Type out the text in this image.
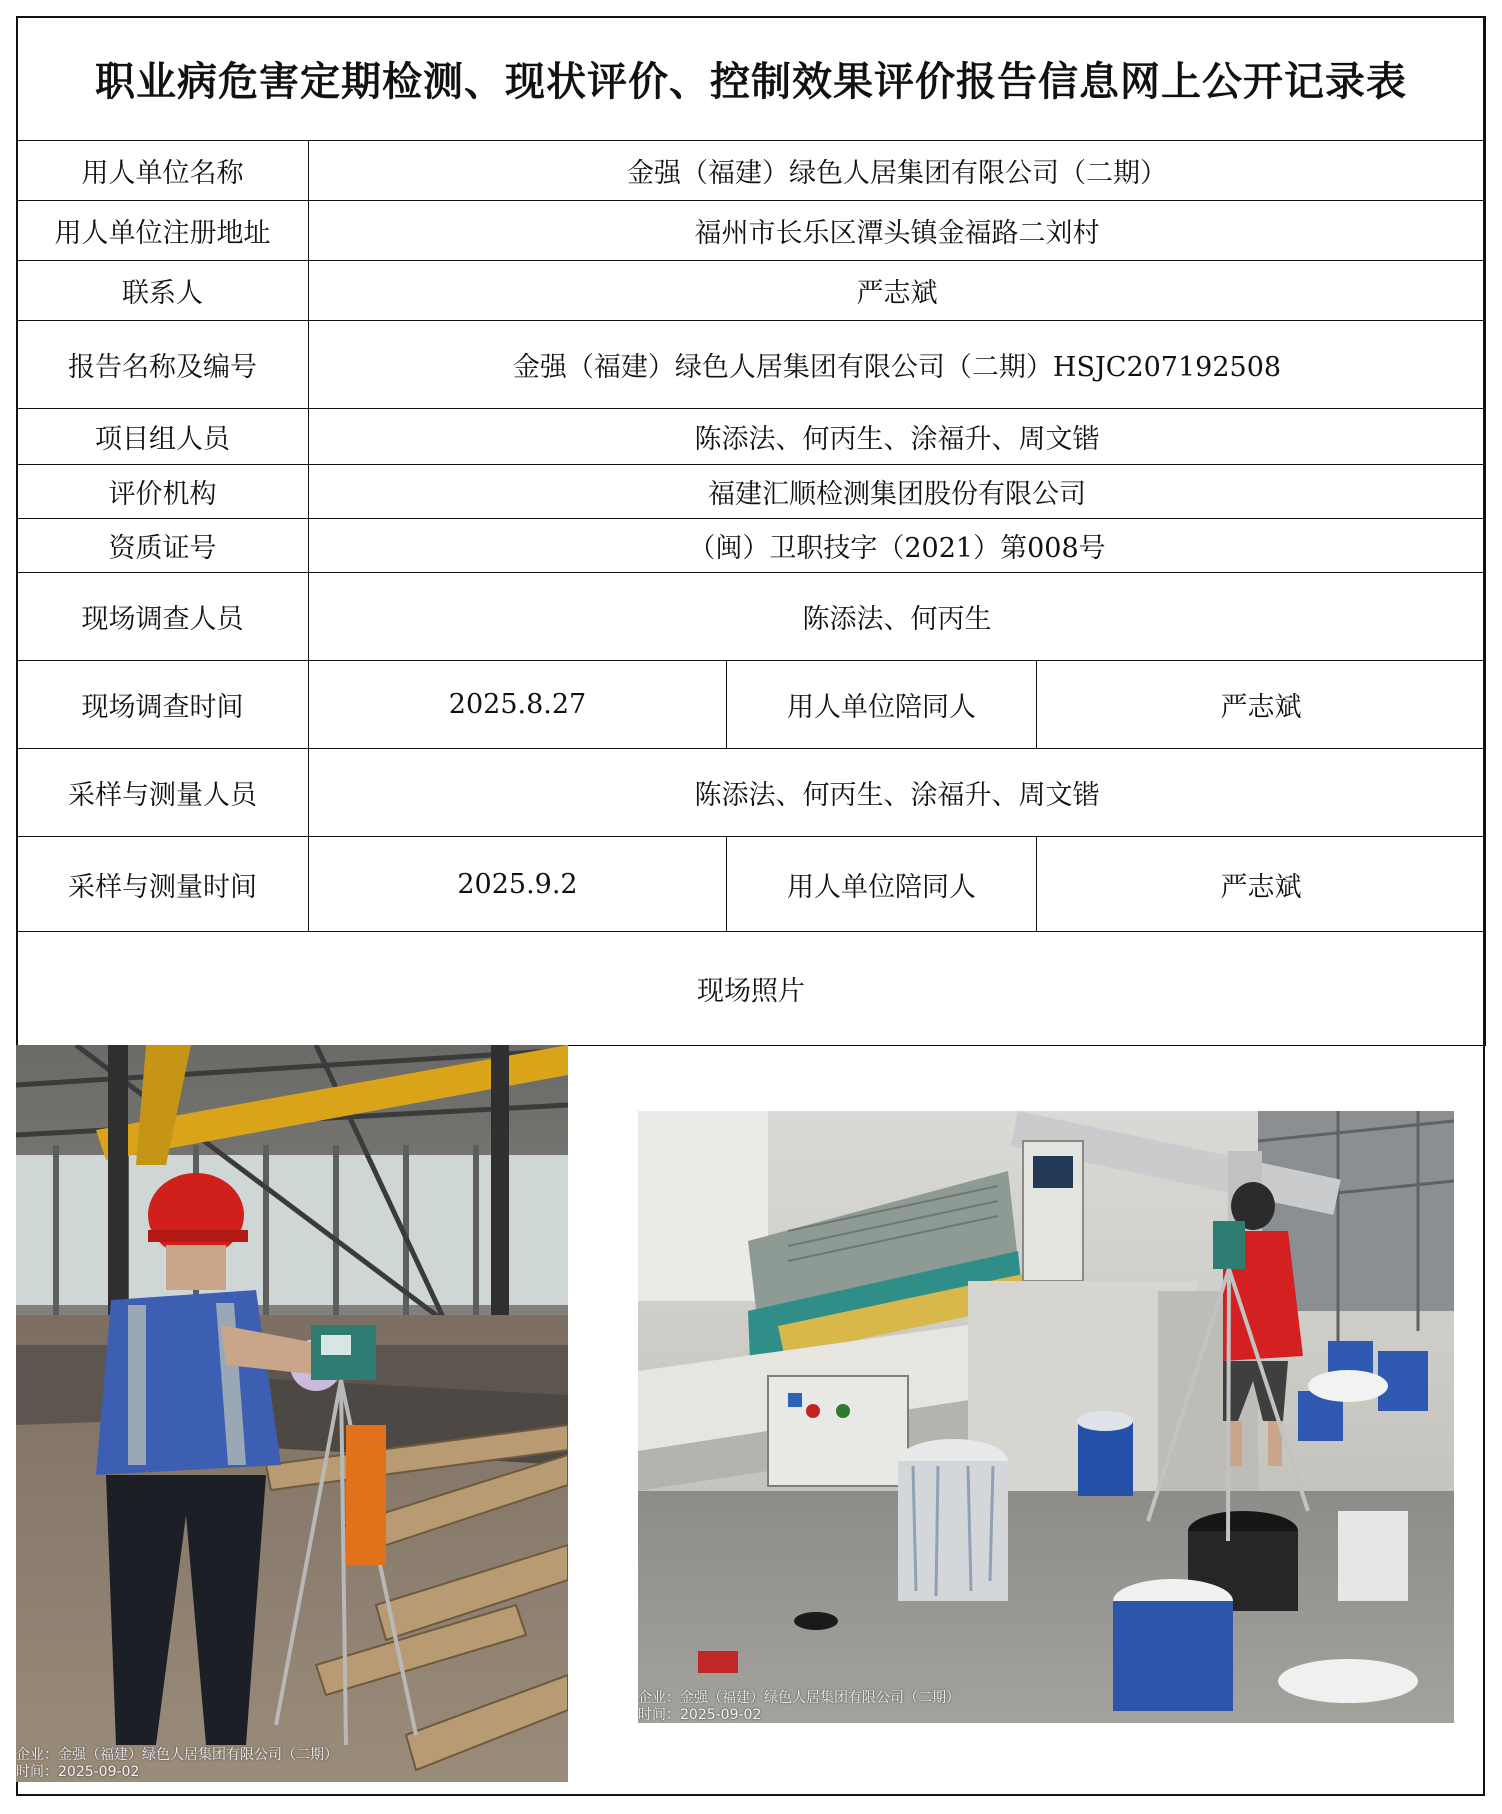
职业病危害定期检测、现状评价、控制效果评价报告信息网上公开记录表			
用人单位名称	金强（福建）绿色人居集团有限公司（二期）		
用人单位注册地址	福州市长乐区潭头镇金福路二刘村		
联系人	严志斌		
报告名称及编号	金强（福建）绿色人居集团有限公司（二期）HSJC207192508		
项目组人员	陈添法、何丙生、涂福升、周文锴		
评价机构	福建汇顺检测集团股份有限公司		
资质证号	（闽）卫职技字（2021）第008号		
现场调查人员	陈添法、何丙生		
现场调查时间	2025.8.27	用人单位陪同人	严志斌
采样与测量人员	陈添法、何丙生、涂福升、周文锴		
采样与测量时间	2025.9.2	用人单位陪同人	严志斌
现场照片			
企业：金强（福建）绿色人居集团有限公司（二期）
时间：2025-09-02
企业：金强（福建）绿色人居集团有限公司（二期）
时间：2025-09-02
